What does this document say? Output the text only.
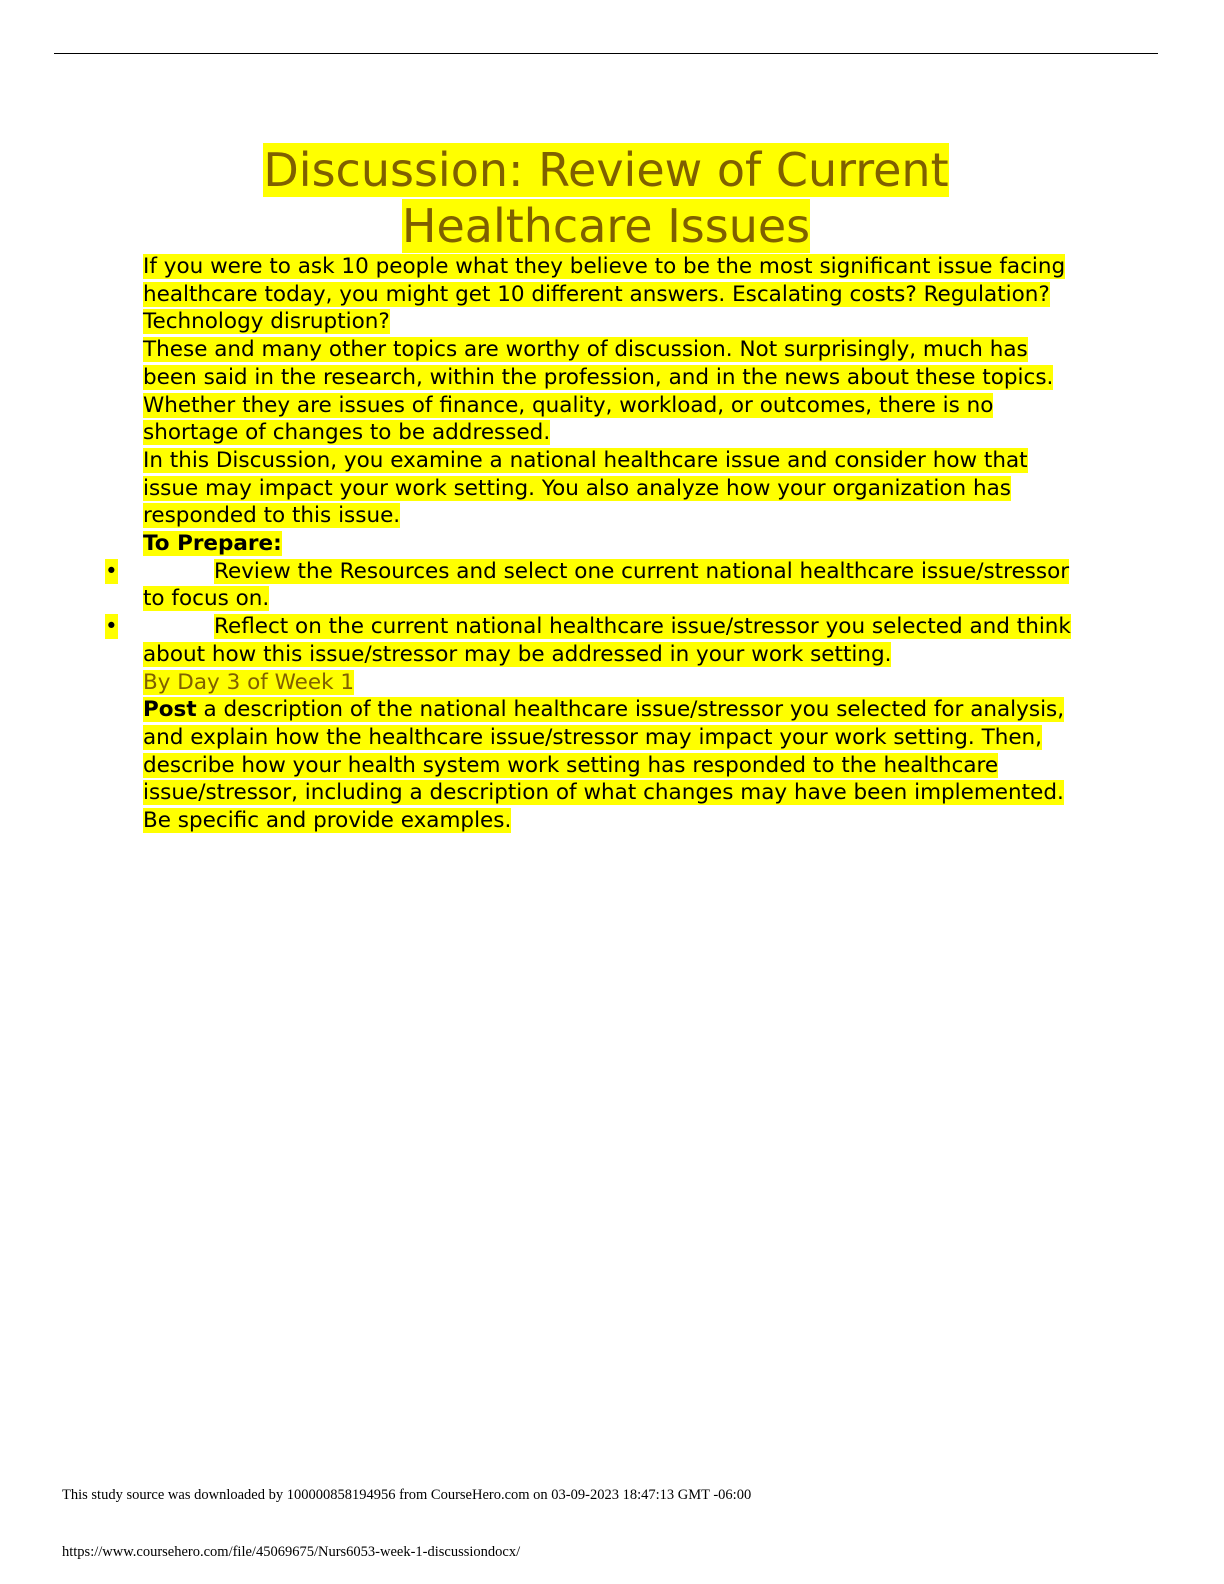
Discussion: Review of Current
Healthcare Issues

If you were to ask 10 people what they believe to be the most significant issue facing healthcare today, you might get 10 different answers. Escalating costs? Regulation? Technology disruption?

These and many other topics are worthy of discussion. Not surprisingly, much has been said in the research, within the profession, and in the news about these topics. Whether they are issues of finance, quality, workload, or outcomes, there is no shortage of changes to be addressed.

In this Discussion, you examine a national healthcare issue and consider how that issue may impact your work setting. You also analyze how your organization has responded to this issue.

To Prepare:

•	Review the Resources and select one current national healthcare issue/stressor to focus on.
•	Reflect on the current national healthcare issue/stressor you selected and think about how this issue/stressor may be addressed in your work setting.

By Day 3 of Week 1

Post a description of the national healthcare issue/stressor you selected for analysis, and explain how the healthcare issue/stressor may impact your work setting. Then, describe how your health system work setting has responded to the healthcare issue/stressor, including a description of what changes may have been implemented. Be specific and provide examples.

This study source was downloaded by 100000858194956 from CourseHero.com on 03-09-2023 18:47:13 GMT -06:00
https://www.coursehero.com/file/45069675/Nurs6053-week-1-discussiondocx/
